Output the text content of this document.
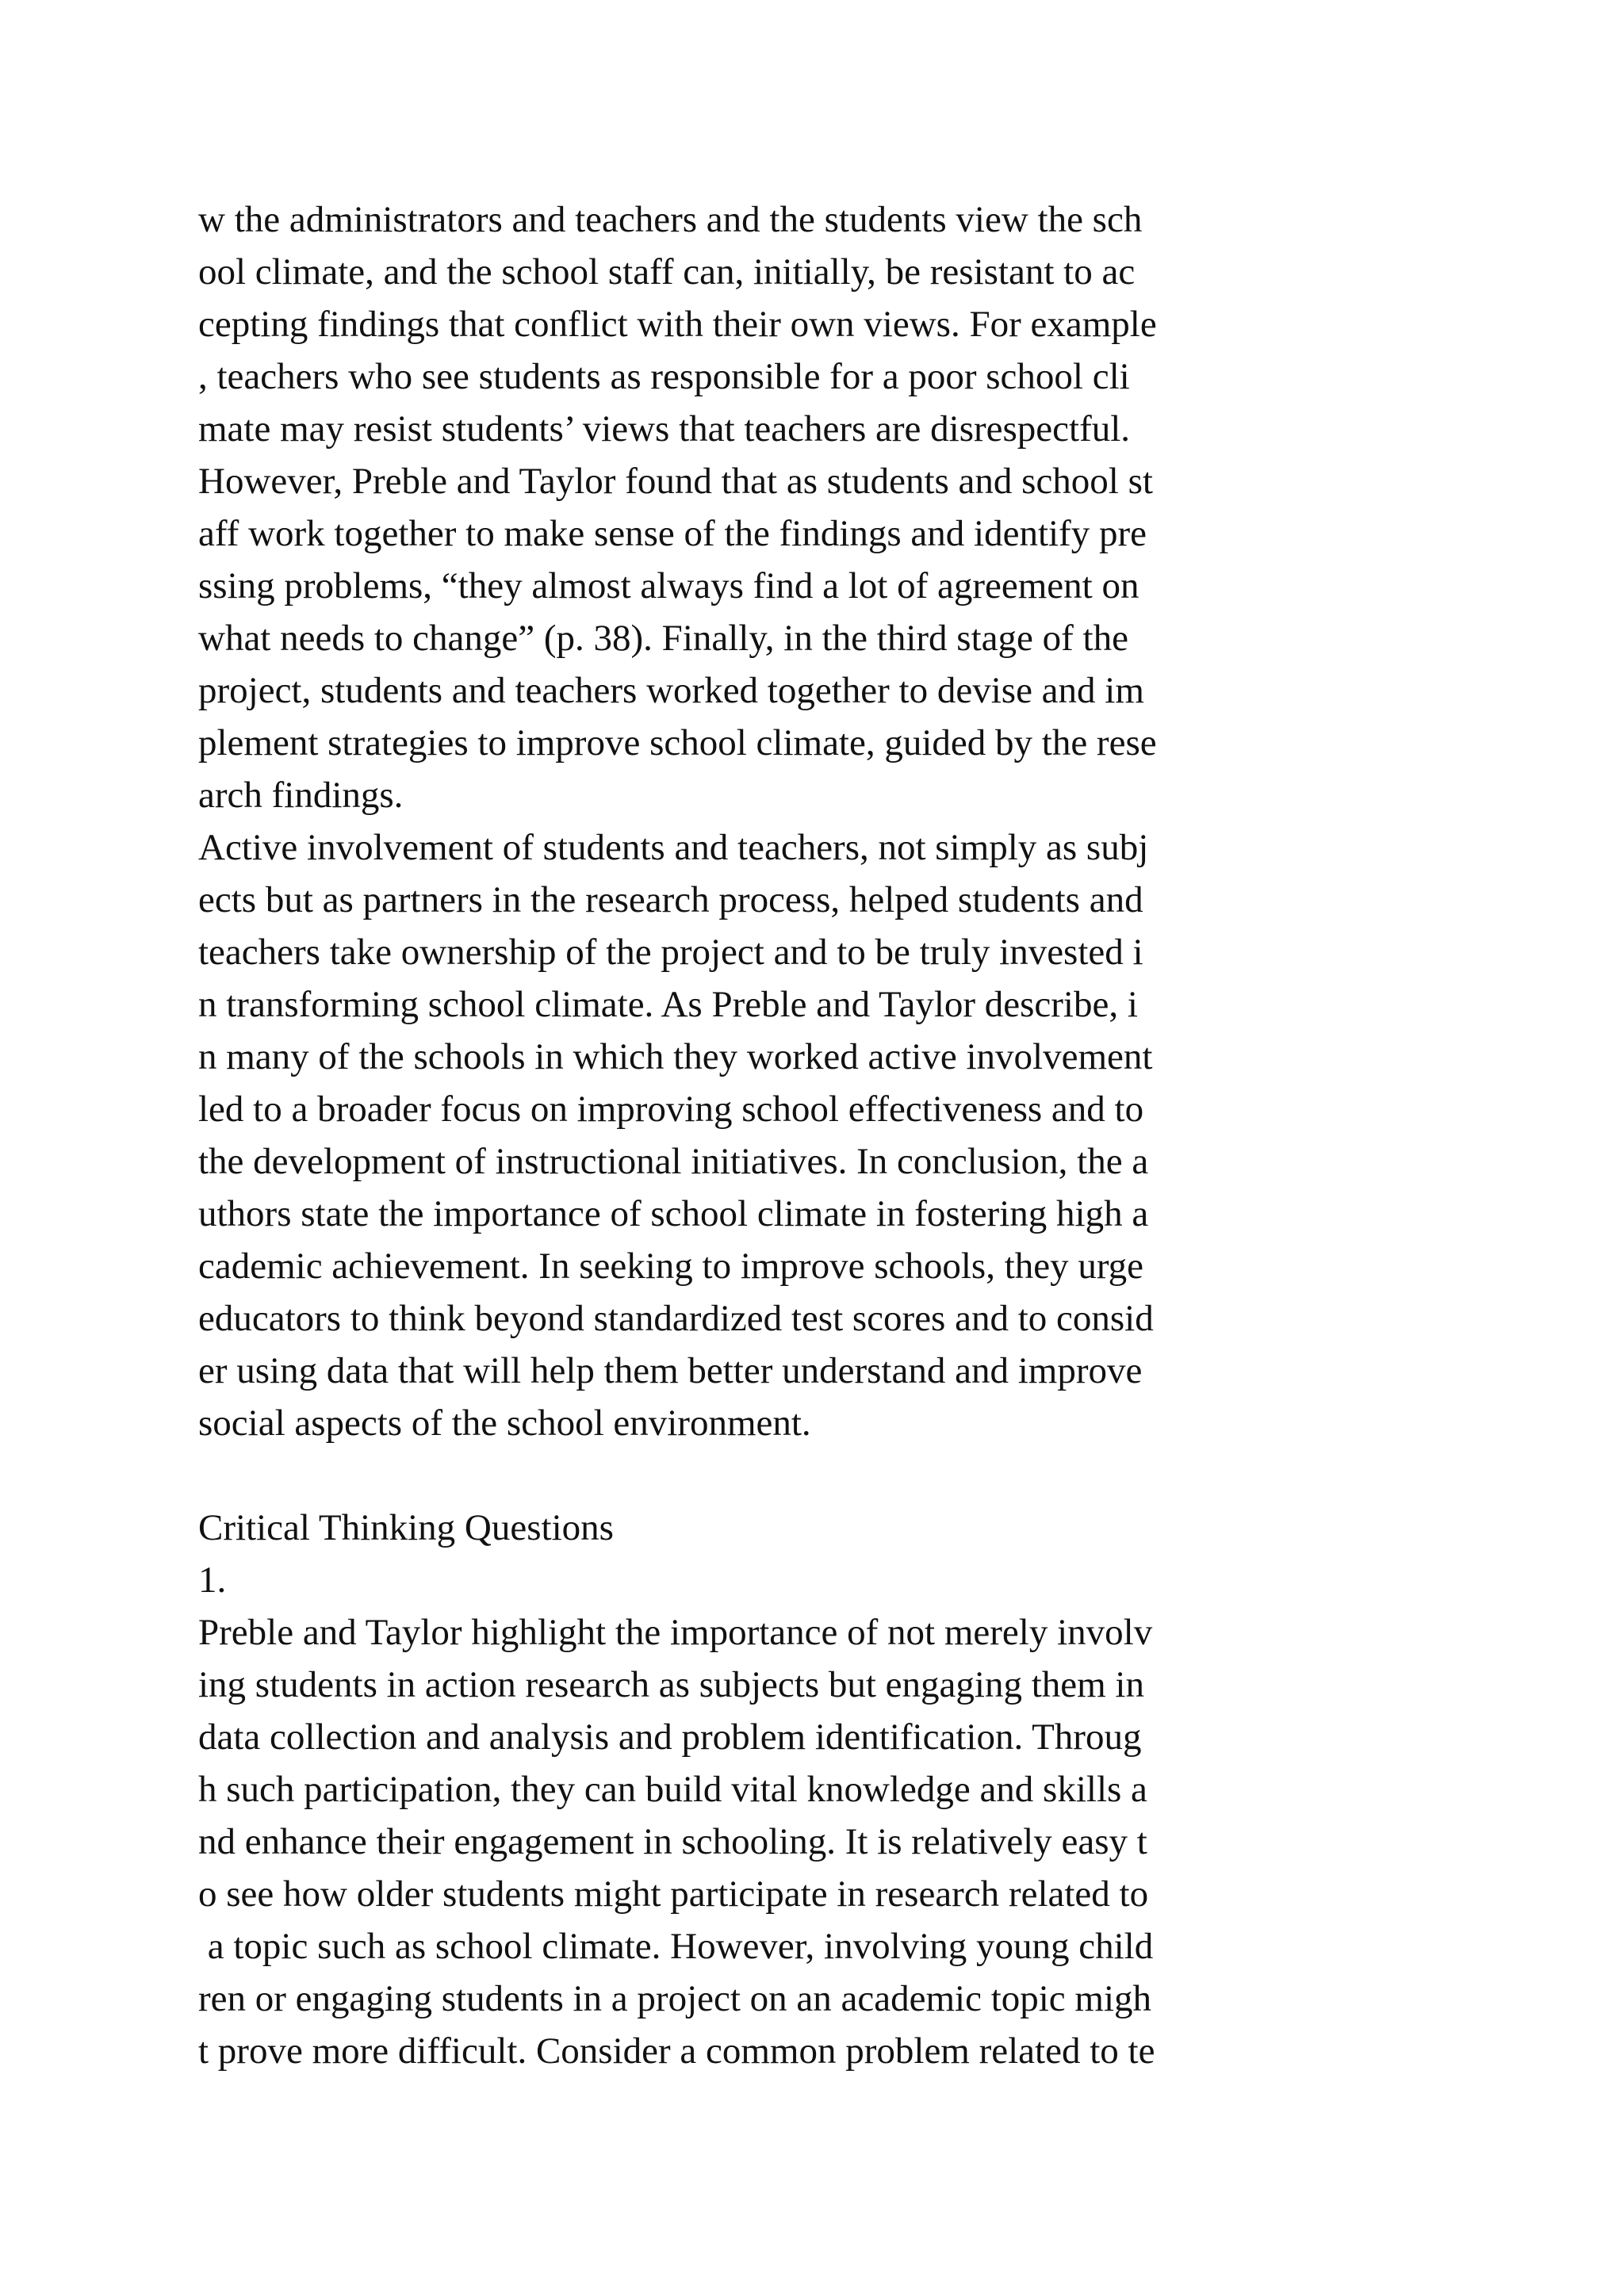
w the administrators and teachers and the students view the sch
ool climate, and the school staff can, initially, be resistant to ac
cepting findings that conflict with their own views. For example
, teachers who see students as responsible for a poor school cli
mate may resist students’ views that teachers are disrespectful.
However, Preble and Taylor found that as students and school st
aff work together to make sense of the findings and identify pre
ssing problems, “they almost always find a lot of agreement on
what needs to change” (p. 38). Finally, in the third stage of the
project, students and teachers worked together to devise and im
plement strategies to improve school climate, guided by the rese
arch findings.
Active involvement of students and teachers, not simply as subj
ects but as partners in the research process, helped students and
teachers take ownership of the project and to be truly invested i
n transforming school climate. As Preble and Taylor describe, i
n many of the schools in which they worked active involvement
led to a broader focus on improving school effectiveness and to
the development of instructional initiatives. In conclusion, the a
uthors state the importance of school climate in fostering high a
cademic achievement. In seeking to improve schools, they urge
educators to think beyond standardized test scores and to consid
er using data that will help them better understand and improve
social aspects of the school environment.
Critical Thinking Questions
1.
Preble and Taylor highlight the importance of not merely involv
ing students in action research as subjects but engaging them in
data collection and analysis and problem identification. Throug
h such participation, they can build vital knowledge and skills a
nd enhance their engagement in schooling. It is relatively easy t
o see how older students might participate in research related to
a topic such as school climate. However, involving young child
ren or engaging students in a project on an academic topic migh
t prove more difficult. Consider a common problem related to te
